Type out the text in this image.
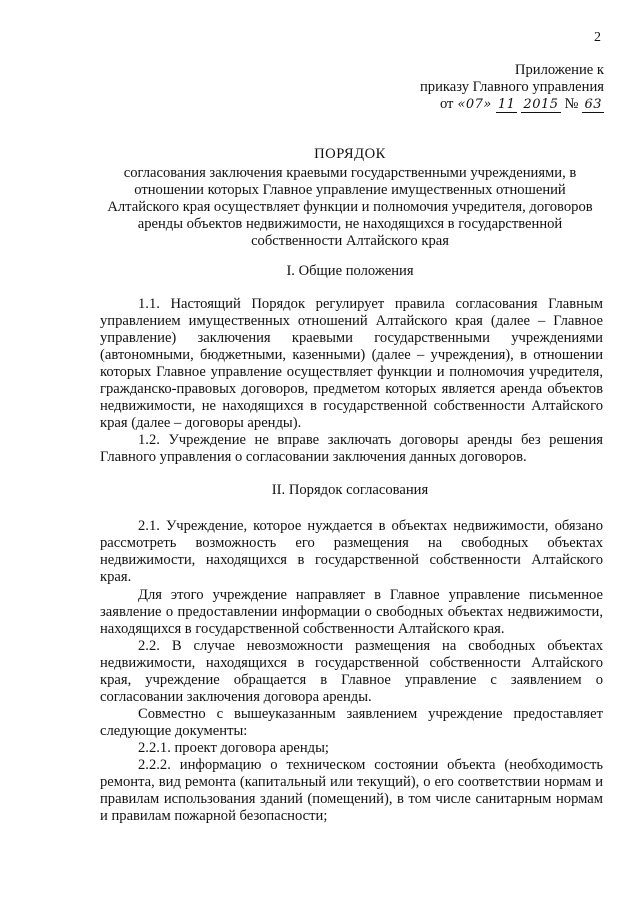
2
Приложение к
приказу Главного управления
от «07» 11 2015 № 63
ПОРЯДОК
согласования заключения краевыми государственными учреждениями, в
отношении которых Главное управление имущественных отношений
Алтайского края осуществляет функции и полномочия учредителя, договоров
аренды объектов недвижимости, не находящихся в государственной
собственности Алтайского края
I. Общие положения
1.1. Настоящий Порядок регулирует правила согласования Главным
управлением имущественных отношений Алтайского края (далее – Главное
управление) заключения краевыми государственными учреждениями
(автономными, бюджетными, казенными) (далее – учреждения), в отношении
которых Главное управление осуществляет функции и полномочия учредителя,
гражданско-правовых договоров, предметом которых является аренда объектов
недвижимости, не находящихся в государственной собственности Алтайского
края (далее – договоры аренды).
1.2. Учреждение не вправе заключать договоры аренды без решения
Главного управления о согласовании заключения данных договоров.
II. Порядок согласования
2.1. Учреждение, которое нуждается в объектах недвижимости, обязано
рассмотреть возможность его размещения на свободных объектах
недвижимости, находящихся в государственной собственности Алтайского
края.
Для этого учреждение направляет в Главное управление письменное
заявление о предоставлении информации о свободных объектах недвижимости,
находящихся в государственной собственности Алтайского края.
2.2. В случае невозможности размещения на свободных объектах
недвижимости, находящихся в государственной собственности Алтайского
края, учреждение обращается в Главное управление с заявлением о
согласовании заключения договора аренды.
Совместно с вышеуказанным заявлением учреждение предоставляет
следующие документы:
2.2.1. проект договора аренды;
2.2.2. информацию о техническом состоянии объекта (необходимость
ремонта, вид ремонта (капитальный или текущий), о его соответствии нормам и
правилам использования зданий (помещений), в том числе санитарным нормам
и правилам пожарной безопасности;
